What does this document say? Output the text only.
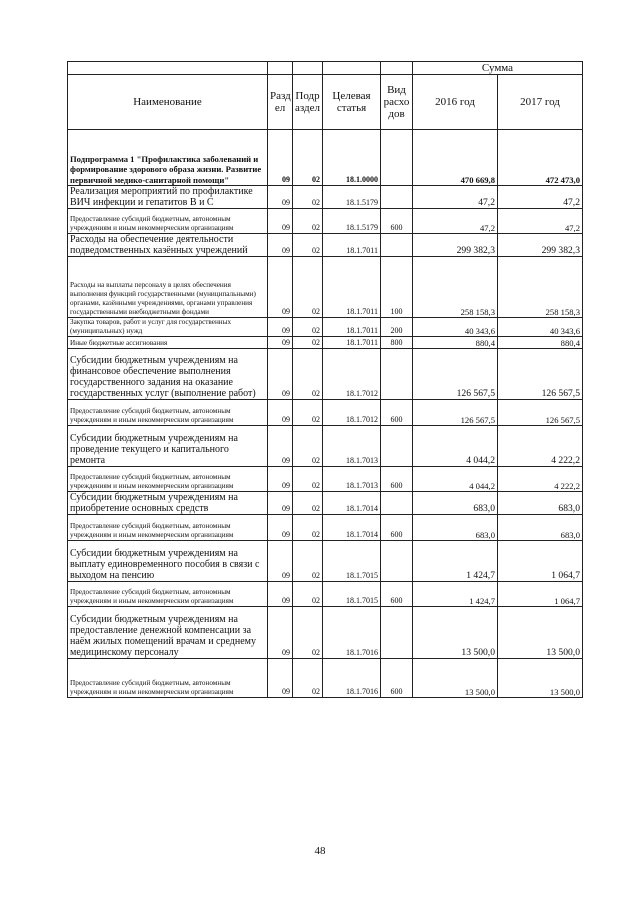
					Сумма	
Наименование	Разд ел	Подр аздел	Целевая статья	Вид расхо дов	2016 год	2017 год
Подпрограмма 1 "Профилактика заболеваний и формирование здорового образа жизни. Развитие первичной медико-санитарной помощи"	09	02	18.1.0000		470 669,8	472 473,0
Реализация мероприятий по профилактике ВИЧ инфекции и гепатитов В и С	09	02	18.1.5179		47,2	47,2
Предоставление субсидий бюджетным, автономным учреждениям и иным некоммерческим организациям	09	02	18.1.5179	600	47,2	47,2
Расходы на обеспечение деятельности подведомственных казённых учреждений	09	02	18.1.7011		299 382,3	299 382,3
Расходы на выплаты персоналу в целях обеспечения выполнения функций государственными (муниципальными) органами, казёнными учреждениями, органами управления государственными внебюджетными фондами	09	02	18.1.7011	100	258 158,3	258 158,3
Закупка товаров, работ и услуг для государственных (муниципальных) нужд	09	02	18.1.7011	200	40 343,6	40 343,6
Иные бюджетные ассигнования	09	02	18.1.7011	800	880,4	880,4
Субсидии бюджетным учреждениям на финансовое обеспечение выполнения государственного задания на оказание государственных услуг (выполнение работ)	09	02	18.1.7012		126 567,5	126 567,5
Предоставление субсидий бюджетным, автономным учреждениям и иным некоммерческим организациям	09	02	18.1.7012	600	126 567,5	126 567,5
Субсидии бюджетным учреждениям на проведение текущего и капитального ремонта	09	02	18.1.7013		4 044,2	4 222,2
Предоставление субсидий бюджетным, автономным учреждениям и иным некоммерческим организациям	09	02	18.1.7013	600	4 044,2	4 222,2
Субсидии бюджетным учреждениям на приобретение основных средств	09	02	18.1.7014		683,0	683,0
Предоставление субсидий бюджетным, автономным учреждениям и иным некоммерческим организациям	09	02	18.1.7014	600	683,0	683,0
Субсидии бюджетным учреждениям на выплату единовременного пособия в связи с выходом на пенсию	09	02	18.1.7015		1 424,7	1 064,7
Предоставление субсидий бюджетным, автономным учреждениям и иным некоммерческим организациям	09	02	18.1.7015	600	1 424,7	1 064,7
Субсидии бюджетным учреждениям на предоставление денежной компенсации за наём жилых помещений врачам и среднему медицинскому персоналу	09	02	18.1.7016		13 500,0	13 500,0
Предоставление субсидий бюджетным, автономным учреждениям и иным некоммерческим организациям	09	02	18.1.7016	600	13 500,0	13 500,0
48
